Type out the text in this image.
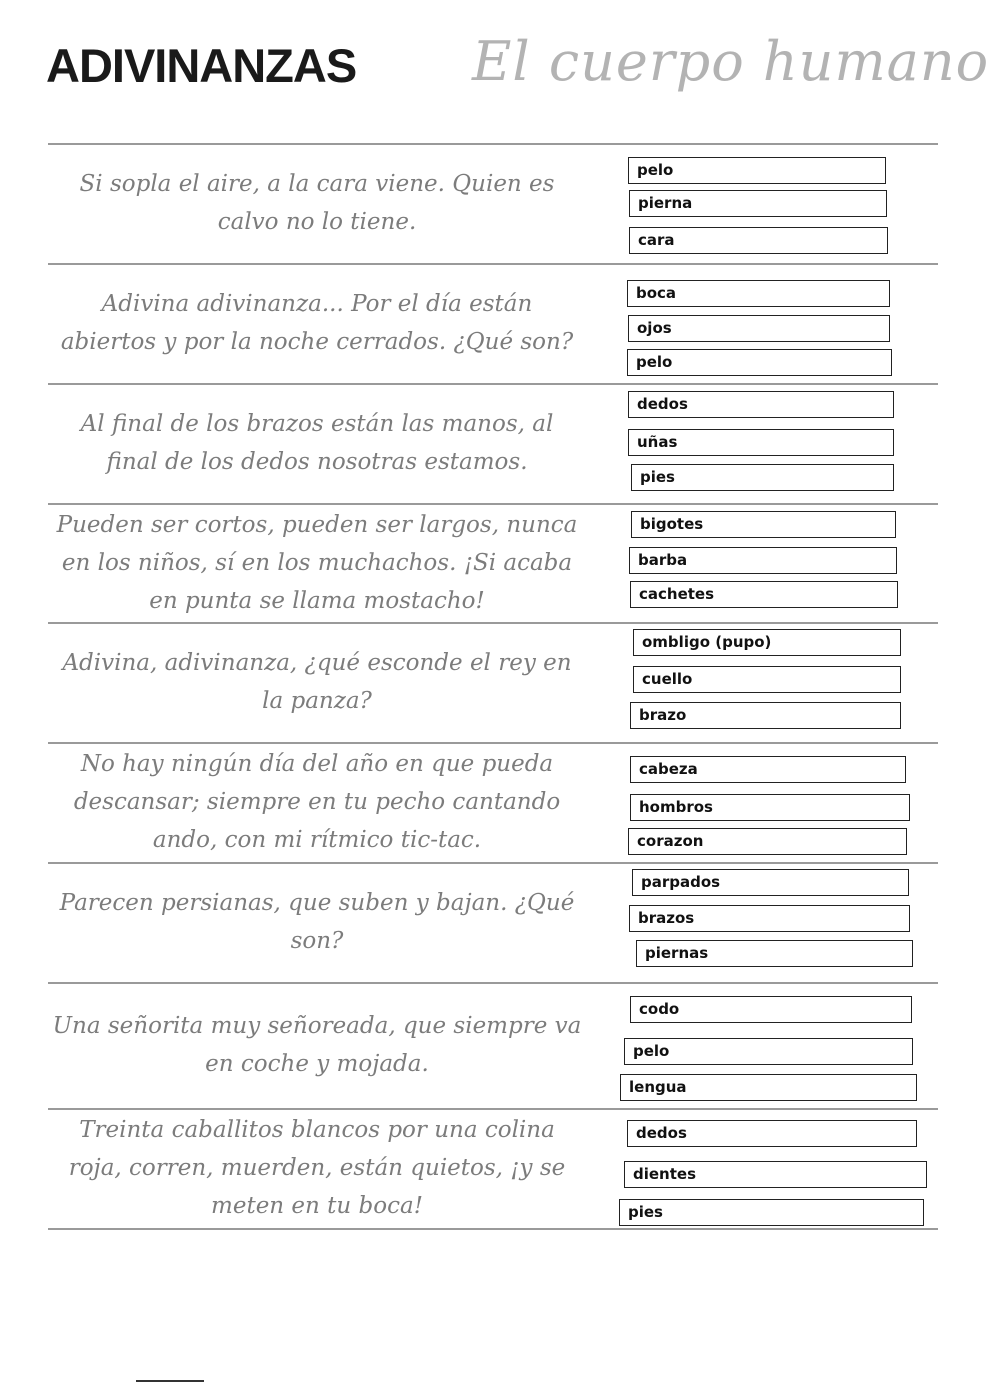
ADIVINANZAS El cuerpo humano
Si sopla el aire, a la cara viene. Quien es calvo no lo tiene.
pelo
pierna
cara
Adivina adivinanza... Por el día están abiertos y por la noche cerrados. ¿Qué son?
boca
ojos
pelo
Al final de los brazos están las manos, al final de los dedos nosotras estamos.
dedos
uñas
pies
Pueden ser cortos, pueden ser largos, nunca en los niños, sí en los muchachos. ¡Si acaba en punta se llama mostacho!
bigotes
barba
cachetes
Adivina, adivinanza, ¿qué esconde el rey en la panza?
ombligo (pupo)
cuello
brazo
No hay ningún día del año en que pueda descansar; siempre en tu pecho cantando ando, con mi rítmico tic-tac.
cabeza
hombros
corazon
Parecen persianas, que suben y bajan. ¿Qué son?
parpados
brazos
piernas
Una señorita muy señoreada, que siempre va en coche y mojada.
codo
pelo
lengua
Treinta caballitos blancos por una colina roja, corren, muerden, están quietos, ¡y se meten en tu boca!
dedos
dientes
pies
